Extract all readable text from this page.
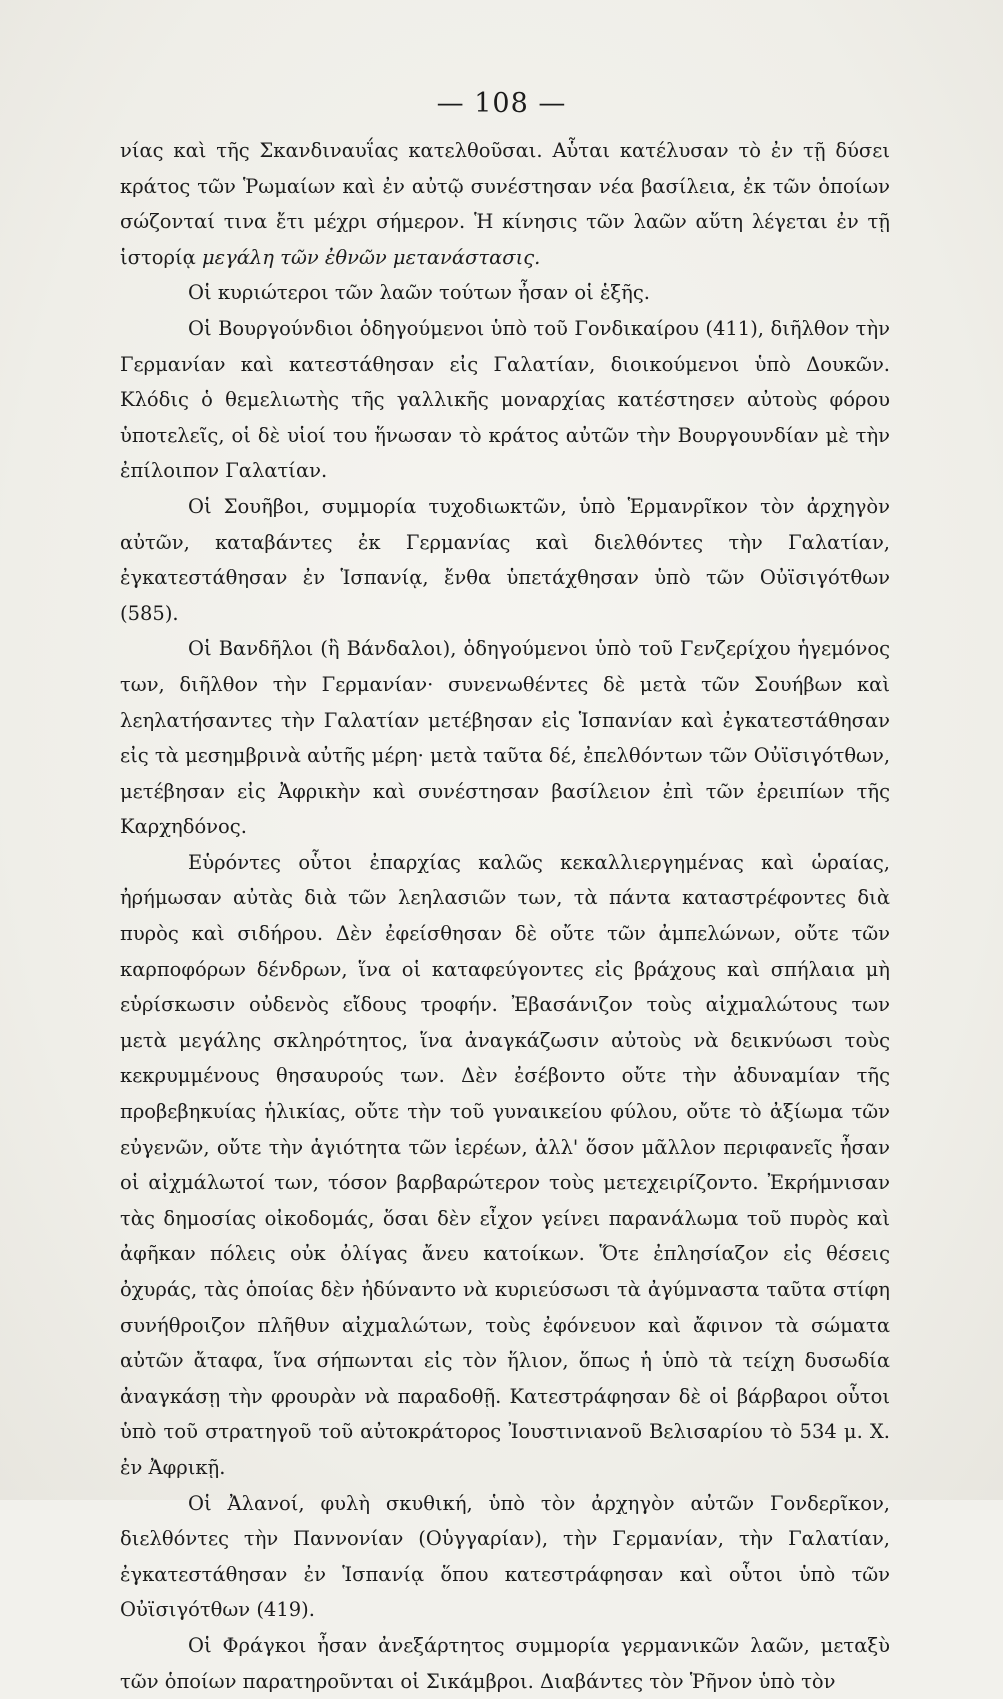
— 108 —

νίας καὶ τῆς Σκανδιναυΐας κατελθοῦσαι. Αὗται κατέλυσαν τὸ ἐν τῇ δύσει κράτος τῶν Ῥωμαίων καὶ ἐν αὐτῷ συνέστησαν νέα βασίλεια, ἐκ τῶν ὁποίων σώζονταί τινα ἔτι μέχρι σήμερον. Ἡ κίνησις τῶν λαῶν αὕτη λέγεται ἐν τῇ ἱστορίᾳ μεγάλη τῶν ἐθνῶν μετανάστασις.

Οἱ κυριώτεροι τῶν λαῶν τούτων ἦσαν οἱ ἑξῆς.

Οἱ Βουργούνδιοι ὁδηγούμενοι ὑπὸ τοῦ Γονδικαίρου (411), διῆλθον τὴν Γερμανίαν καὶ κατεστάθησαν εἰς Γαλατίαν, διοικούμενοι ὑπὸ Δουκῶν. Κλόδις ὁ θεμελιωτὴς τῆς γαλλικῆς μοναρχίας κατέστησεν αὐτοὺς φόρου ὑποτελεῖς, οἱ δὲ υἱοί του ἥνωσαν τὸ κράτος αὐτῶν τὴν Βουργουνδίαν μὲ τὴν ἐπίλοιπον Γαλατίαν.

Οἱ Σουῆβοι, συμμορία τυχοδιωκτῶν, ὑπὸ Ἑρμανρῖκον τὸν ἀρχηγὸν αὐτῶν, καταβάντες ἐκ Γερμανίας καὶ διελθόντες τὴν Γαλατίαν, ἐγκατεστάθησαν ἐν Ἱσπανίᾳ, ἔνθα ὑπετάχθησαν ὑπὸ τῶν Οὐϊσιγότθων (585).

Οἱ Βανδῆλοι (ἢ Βάνδαλοι), ὁδηγούμενοι ὑπὸ τοῦ Γενζερίχου ἡγεμόνος των, διῆλθον τὴν Γερμανίαν· συνενωθέντες δὲ μετὰ τῶν Σουήβων καὶ λεηλατήσαντες τὴν Γαλατίαν μετέβησαν εἰς Ἱσπανίαν καὶ ἐγκατεστάθησαν εἰς τὰ μεσημβρινὰ αὐτῆς μέρη· μετὰ ταῦτα δέ, ἐπελθόντων τῶν Οὐϊσιγότθων, μετέβησαν εἰς Ἀφρικὴν καὶ συνέστησαν βασίλειον ἐπὶ τῶν ἐρειπίων τῆς Καρχηδόνος.

Εὑρόντες οὗτοι ἐπαρχίας καλῶς κεκαλλιεργημένας καὶ ὡραίας, ἠρήμωσαν αὐτὰς διὰ τῶν λεηλασιῶν των, τὰ πάντα καταστρέφοντες διὰ πυρὸς καὶ σιδήρου. Δὲν ἐφείσθησαν δὲ οὔτε τῶν ἀμπελώνων, οὔτε τῶν καρποφόρων δένδρων, ἵνα οἱ καταφεύγοντες εἰς βράχους καὶ σπήλαια μὴ εὑρίσκωσιν οὐδενὸς εἴδους τροφήν. Ἐβασάνιζον τοὺς αἰχμαλώτους των μετὰ μεγάλης σκληρότητος, ἵνα ἀναγκάζωσιν αὐτοὺς νὰ δεικνύωσι τοὺς κεκρυμμένους θησαυρούς των. Δὲν ἐσέβοντο οὔτε τὴν ἀδυναμίαν τῆς προβεβηκυίας ἡλικίας, οὔτε τὴν τοῦ γυναικείου φύλου, οὔτε τὸ ἀξίωμα τῶν εὐγενῶν, οὔτε τὴν ἁγιότητα τῶν ἱερέων, ἀλλ' ὅσον μᾶλλον περιφανεῖς ἦσαν οἱ αἰχμάλωτοί των, τόσον βαρβαρώτερον τοὺς μετεχειρίζοντο. Ἐκρήμνισαν τὰς δημοσίας οἰκοδομάς, ὅσαι δὲν εἶχον γείνει παρανάλωμα τοῦ πυρὸς καὶ ἀφῆκαν πόλεις οὐκ ὀλίγας ἄνευ κατοίκων. Ὅτε ἐπλησίαζον εἰς θέσεις ὀχυράς, τὰς ὁποίας δὲν ἠδύναντο νὰ κυριεύσωσι τὰ ἀγύμναστα ταῦτα στίφη συνήθροιζον πλῆθυν αἰχμαλώτων, τοὺς ἐφόνευον καὶ ἄφινον τὰ σώματα αὐτῶν ἄταφα, ἵνα σήπωνται εἰς τὸν ἥλιον, ὅπως ἡ ὑπὸ τὰ τείχη δυσωδία ἀναγκάσῃ τὴν φρουρὰν νὰ παραδοθῇ. Κατεστράφησαν δὲ οἱ βάρβαροι οὗτοι ὑπὸ τοῦ στρατηγοῦ τοῦ αὐτοκράτορος Ἰουστινιανοῦ Βελισαρίου τὸ 534 μ. Χ. ἐν Ἀφρικῇ.

Οἱ Ἀλανοί, φυλὴ σκυθική, ὑπὸ τὸν ἀρχηγὸν αὐτῶν Γονδερῖκον, διελθόντες τὴν Παννονίαν (Οὑγγαρίαν), τὴν Γερμανίαν, τὴν Γαλατίαν, ἐγκατεστάθησαν ἐν Ἱσπανίᾳ ὅπου κατεστράφησαν καὶ οὗτοι ὑπὸ τῶν Οὐϊσιγότθων (419).

Οἱ Φράγκοι ἦσαν ἀνεξάρτητος συμμορία γερμανικῶν λαῶν, μεταξὺ τῶν ὁποίων παρατηροῦνται οἱ Σικάμβροι. Διαβάντες τὸν Ῥῆνον ὑπὸ τὸν
